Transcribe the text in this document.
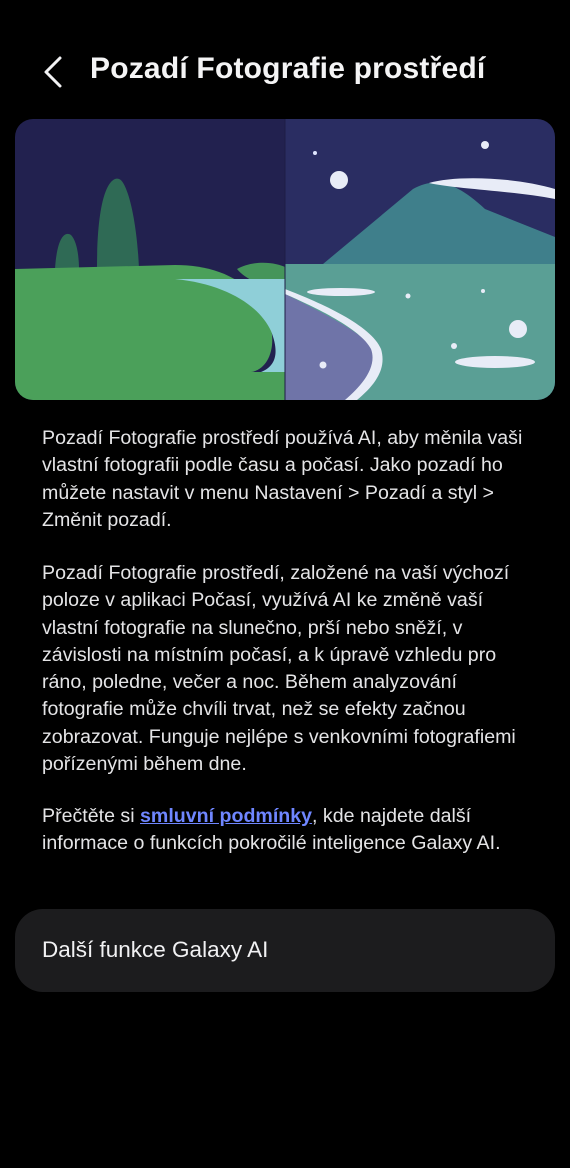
Pozadí Fotografie prostředí
Pozadí Fotografie prostředí používá AI, aby měnila vaši vlastní fotografii podle času a počasí. Jako pozadí ho můžete nastavit v menu Nastavení > Pozadí a styl > Změnit pozadí.
Pozadí Fotografie prostředí, založené na vaší výchozí poloze v aplikaci Počasí, využívá AI ke změně vaší vlastní fotografie na slunečno, prší nebo sněží, v závislosti na místním počasí, a k úpravě vzhledu pro ráno, poledne, večer a noc. Během analyzování fotografie může chvíli trvat, než se efekty začnou zobrazovat. Funguje nejlépe s venkovními fotografiemi pořízenými během dne.
Přečtěte si smluvní podmínky, kde najdete další informace o funkcích pokročilé inteligence Galaxy AI.
Další funkce Galaxy AI
